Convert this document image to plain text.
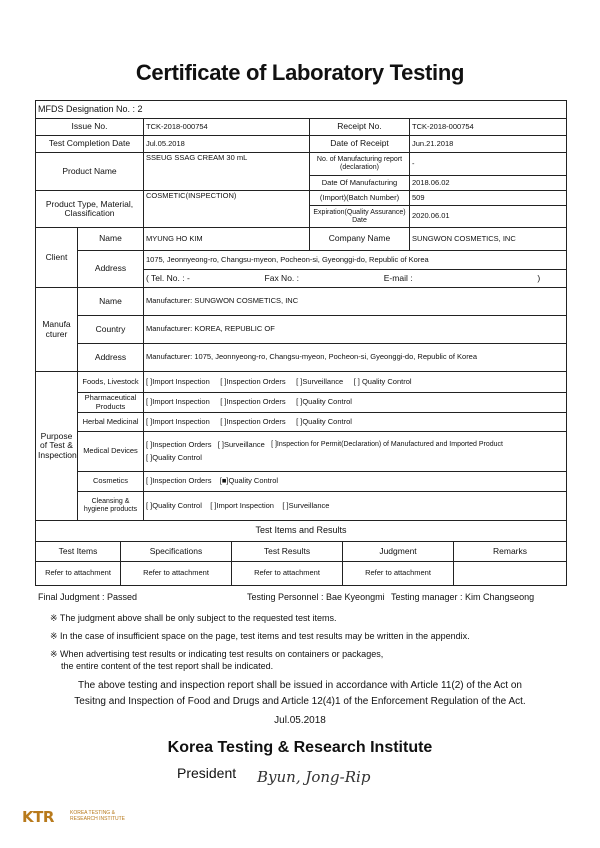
Certificate of Laboratory Testing
MFDS Designation No. : 2				
Issue No.		TCK-2018-000754	Receipt No.	TCK-2018-000754
Test Completion Date		Jul.05.2018	Date of Receipt	Jun.21.2018
Product Name		SSEUG SSAG CREAM 30 mL	No. of Manufacturing report (declaration)	-
			Date Of Manufacturing	2018.06.02
Product Type, Material, Classification		COSMETIC(INSPECTION)	(Import)(Batch Number)	509
			Expiration(Quality Assurance) Date	2020.06.01
Client	Name	MYUNG HO KIM	Company Name	SUNGWON COSMETICS, INC
	Address	1075, Jeonnyeong-ro, Changsu-myeon, Pocheon-si, Gyeonggi-do, Republic of Korea		
		( Tel. No. : - Fax No. : E-mail : )		
Manufa cturer	Name	Manufacturer: SUNGWON COSMETICS, INC		
	Country	Manufacturer: KOREA, REPUBLIC OF		
	Address	Manufacturer: 1075, Jeonnyeong-ro, Changsu-myeon, Pocheon-si, Gyeonggi-do, Republic of Korea		
Purpose of Test & Inspection	Foods, Livestock	[ ]Import Inspection [ ]Inspection Orders [ ]Surveillance [ ] Quality Control		
	Pharmaceutical Products	[ ]Import Inspection [ ]Inspection Orders [ ]Quality Control		
	Herbal Medicinal	[ ]Import Inspection [ ]Inspection Orders [ ]Quality Control		
	Medical Devices	[ ]Inspection Orders
[ ]Surveillance
[ ]Inspection for Permit(Declaration) of Manufactured and Imported Product
[ ]Quality Control		

	Cosmetics	[ ]Inspection Orders [■]Quality Control		
	Cleansing & hygiene products	[ ]Quality Control [ ]Import Inspection [ ]Surveillance		
Test Items and Results				
Test Items	Specifications	Test Results	Judgment	Remarks
Refer to attachment	Refer to attachment	Refer to attachment	Refer to attachment	
Final Judgment : Passed	Testing Personnel : Bae Kyeongmi Testing manager : Kim Changseong
※ The judgment above shall be only subject to the requested test items.
※ In the case of insufficient space on the page, test items and test results may be written in the appendix.
※ When advertising test results or indicating test results on containers or packages,
the entire content of the test report shall be indicated.
The above testing and inspection report shall be issued in accordance with Article 11(2) of the Act on
Tesitng and Inspection of Food and Drugs and Article 12(4)1 of the Enforcement Regulation of the Act.
Jul.05.2018
Korea Testing & Research Institute
President Byun, Jong-Rip
KTR	KOREA TESTING &
RESEARCH INSTITUTE
